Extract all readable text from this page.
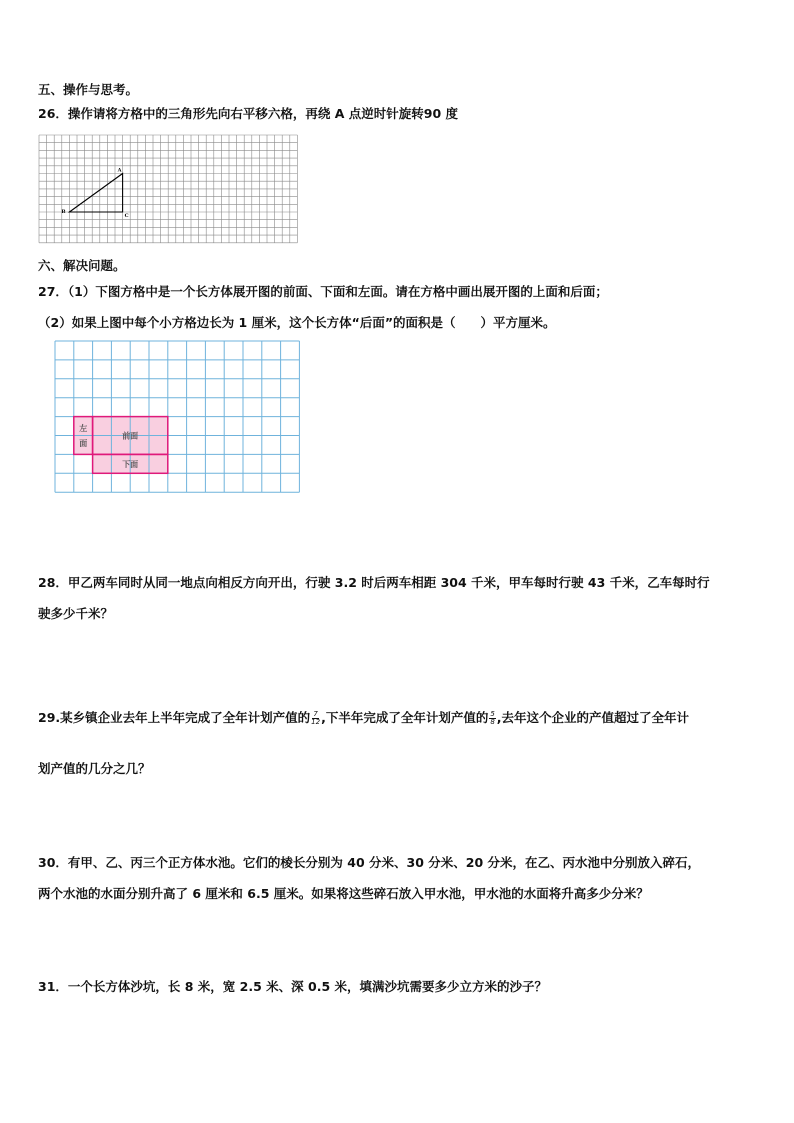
五、操作与思考。
26．操作请将方格中的三角形先向右平移六格，再绕 A 点逆时针旋转90 度
A
B
C
六、解决问题。
27．（1）下图方格中是一个长方体展开图的前面、下面和左面。请在方格中画出展开图的上面和后面；
（2）如果上图中每个小方格边长为 1 厘米，这个长方体“后面”的面积是（　　）平方厘米。
左
面
前面
下面
28．甲乙两车同时从同一地点向相反方向开出，行驶 3.2 时后两车相距 304 千米，甲车每时行驶 43 千米，乙车每时行
驶多少千米？
29.某乡镇企业去年上半年完成了全年计划产值的 $\frac{7}{12}$ ,下半年完成了全年计划产值的 $\frac{5}{8}$ ,去年这个企业的产值超过了全年计
划产值的几分之几？
30．有甲、乙、丙三个正方体水池。它们的棱长分别为 40 分米、30 分米、20 分米，在乙、丙水池中分别放入碎石，
两个水池的水面分别升高了 6 厘米和 6.5 厘米。如果将这些碎石放入甲水池，甲水池的水面将升高多少分米？
31．一个长方体沙坑，长 8 米，宽 2.5 米、深 0.5 米，填满沙坑需要多少立方米的沙子？
